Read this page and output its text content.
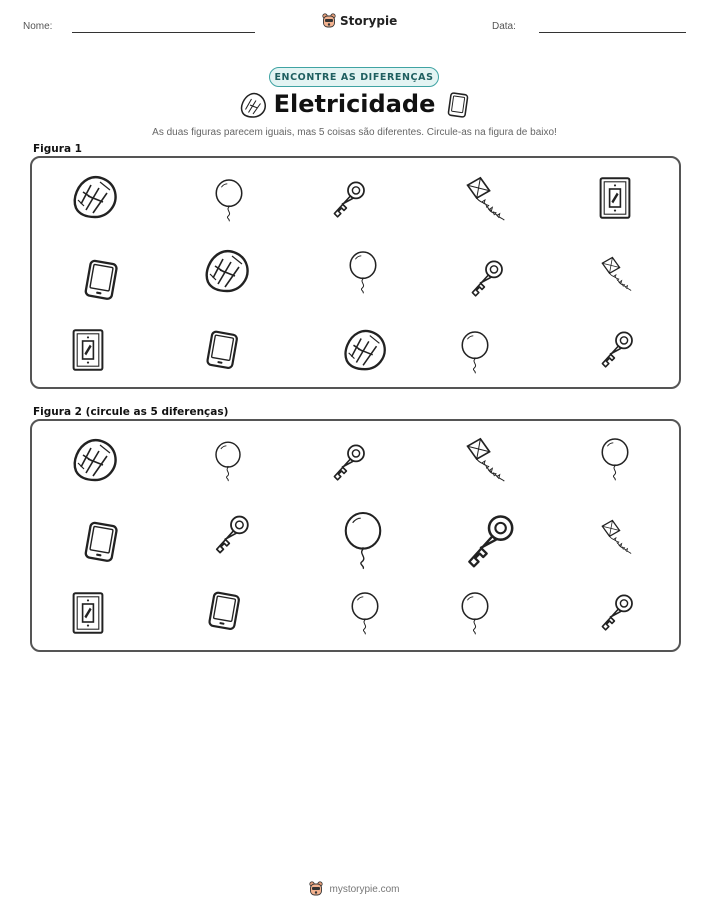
Nome:	Storypie	Data:
ENCONTRE AS DIFERENÇAS
Eletricidade
As duas figuras parecem iguais, mas 5 coisas são diferentes. Circule-as na figura de baixo!
Figura 1
Figura 2 (circule as 5 diferenças)
mystorypie.com
